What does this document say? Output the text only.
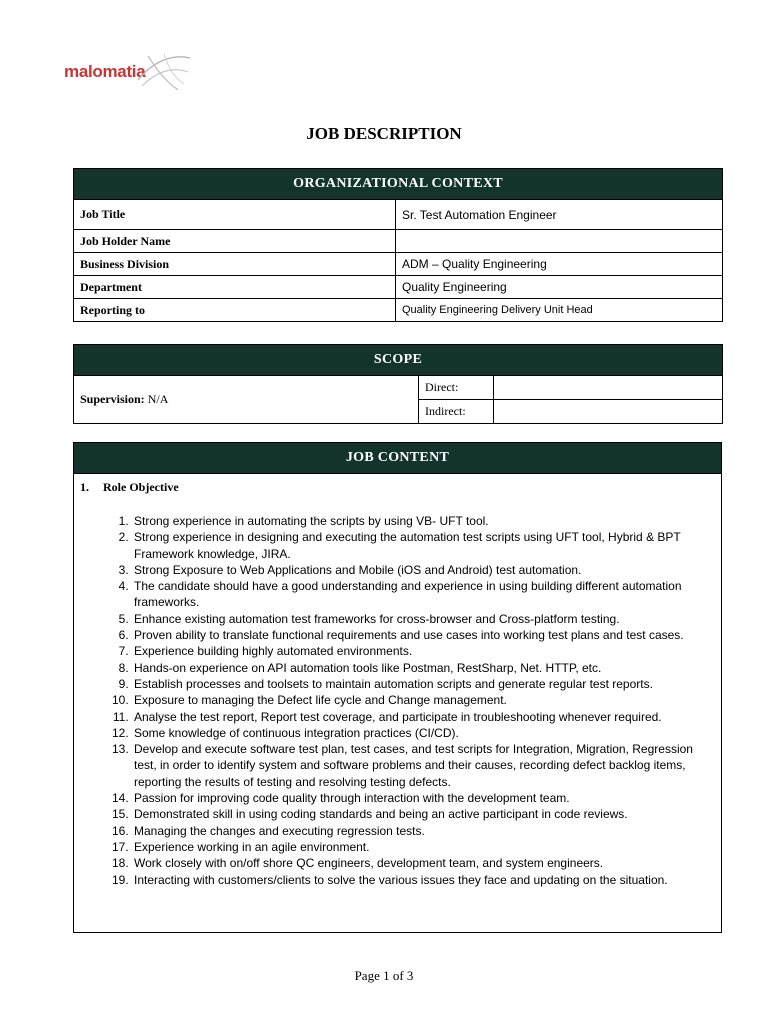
malomatia
JOB DESCRIPTION
ORGANIZATIONAL CONTEXT	
Job Title	Sr. Test Automation Engineer
Job Holder Name	
Business Division	ADM – Quality Engineering
Department	Quality Engineering
Reporting to	Quality Engineering Delivery Unit Head
SCOPE		
Supervision: N/A	Direct:	
	Indirect:	
JOB CONTENT

1. Role Objective
1. Strong experience in automating the scripts by using VB- UFT tool.
2. Strong experience in designing and executing the automation test scripts using UFT tool, Hybrid & BPT Framework knowledge, JIRA.
3. Strong Exposure to Web Applications and Mobile (iOS and Android) test automation.
4. The candidate should have a good understanding and experience in using building different automation frameworks.
5. Enhance existing automation test frameworks for cross-browser and Cross-platform testing.
6. Proven ability to translate functional requirements and use cases into working test plans and test cases.
7. Experience building highly automated environments.
8. Hands-on experience on API automation tools like Postman, RestSharp, Net. HTTP, etc.
9. Establish processes and toolsets to maintain automation scripts and generate regular test reports.
10. Exposure to managing the Defect life cycle and Change management.
11. Analyse the test report, Report test coverage, and participate in troubleshooting whenever required.
12. Some knowledge of continuous integration practices (CI/CD).
13. Develop and execute software test plan, test cases, and test scripts for Integration, Migration, Regression test, in order to identify system and software problems and their causes, recording defect backlog items, reporting the results of testing and resolving testing defects.
14. Passion for improving code quality through interaction with the development team.
15. Demonstrated skill in using coding standards and being an active participant in code reviews.
16. Managing the changes and executing regression tests.
17. Experience working in an agile environment.
18. Work closely with on/off shore QC engineers, development team, and system engineers.
19. Interacting with customers/clients to solve the various issues they face and updating on the situation.
Page 1 of 3
